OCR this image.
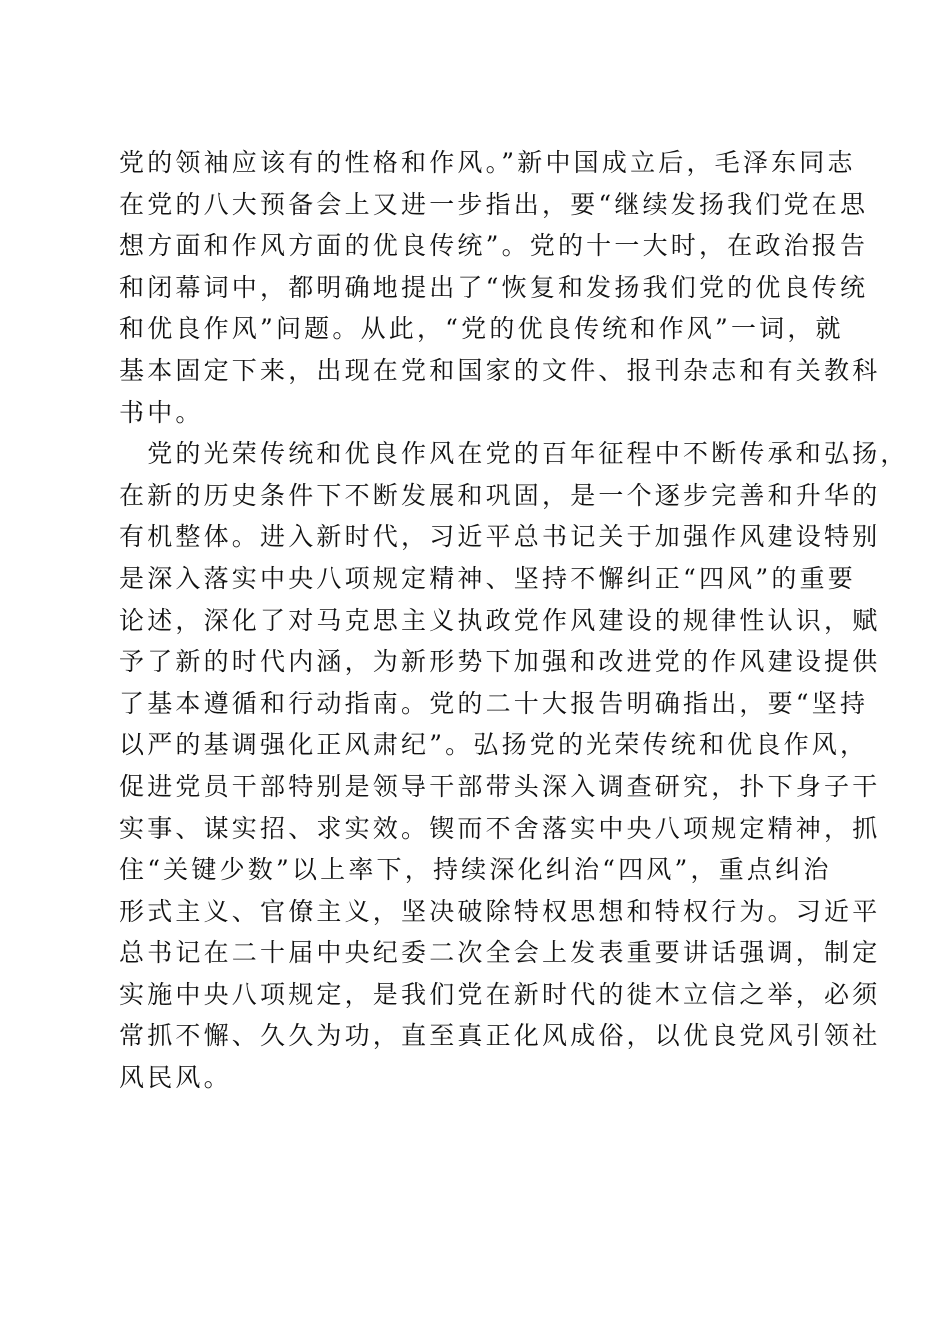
党的领袖应该有的性格和作风。”新中国成立后，毛泽东同志
在党的八大预备会上又进一步指出，要“继续发扬我们党在思
想方面和作风方面的优良传统”。党的十一大时，在政治报告
和闭幕词中，都明确地提出了“恢复和发扬我们党的优良传统
和优良作风”问题。从此，“党的优良传统和作风”一词，就
基本固定下来，出现在党和国家的文件、报刊杂志和有关教科
书中。

　党的光荣传统和优良作风在党的百年征程中不断传承和弘扬，
在新的历史条件下不断发展和巩固，是一个逐步完善和升华的
有机整体。进入新时代，习近平总书记关于加强作风建设特别
是深入落实中央八项规定精神、坚持不懈纠正“四风”的重要
论述，深化了对马克思主义执政党作风建设的规律性认识，赋
予了新的时代内涵，为新形势下加强和改进党的作风建设提供
了基本遵循和行动指南。党的二十大报告明确指出，要“坚持
以严的基调强化正风肃纪”。弘扬党的光荣传统和优良作风，
促进党员干部特别是领导干部带头深入调查研究，扑下身子干
实事、谋实招、求实效。锲而不舍落实中央八项规定精神，抓
住“关键少数”以上率下，持续深化纠治“四风”，重点纠治
形式主义、官僚主义，坚决破除特权思想和特权行为。习近平
总书记在二十届中央纪委二次全会上发表重要讲话强调，制定
实施中央八项规定，是我们党在新时代的徙木立信之举，必须
常抓不懈、久久为功，直至真正化风成俗，以优良党风引领社
风民风。
